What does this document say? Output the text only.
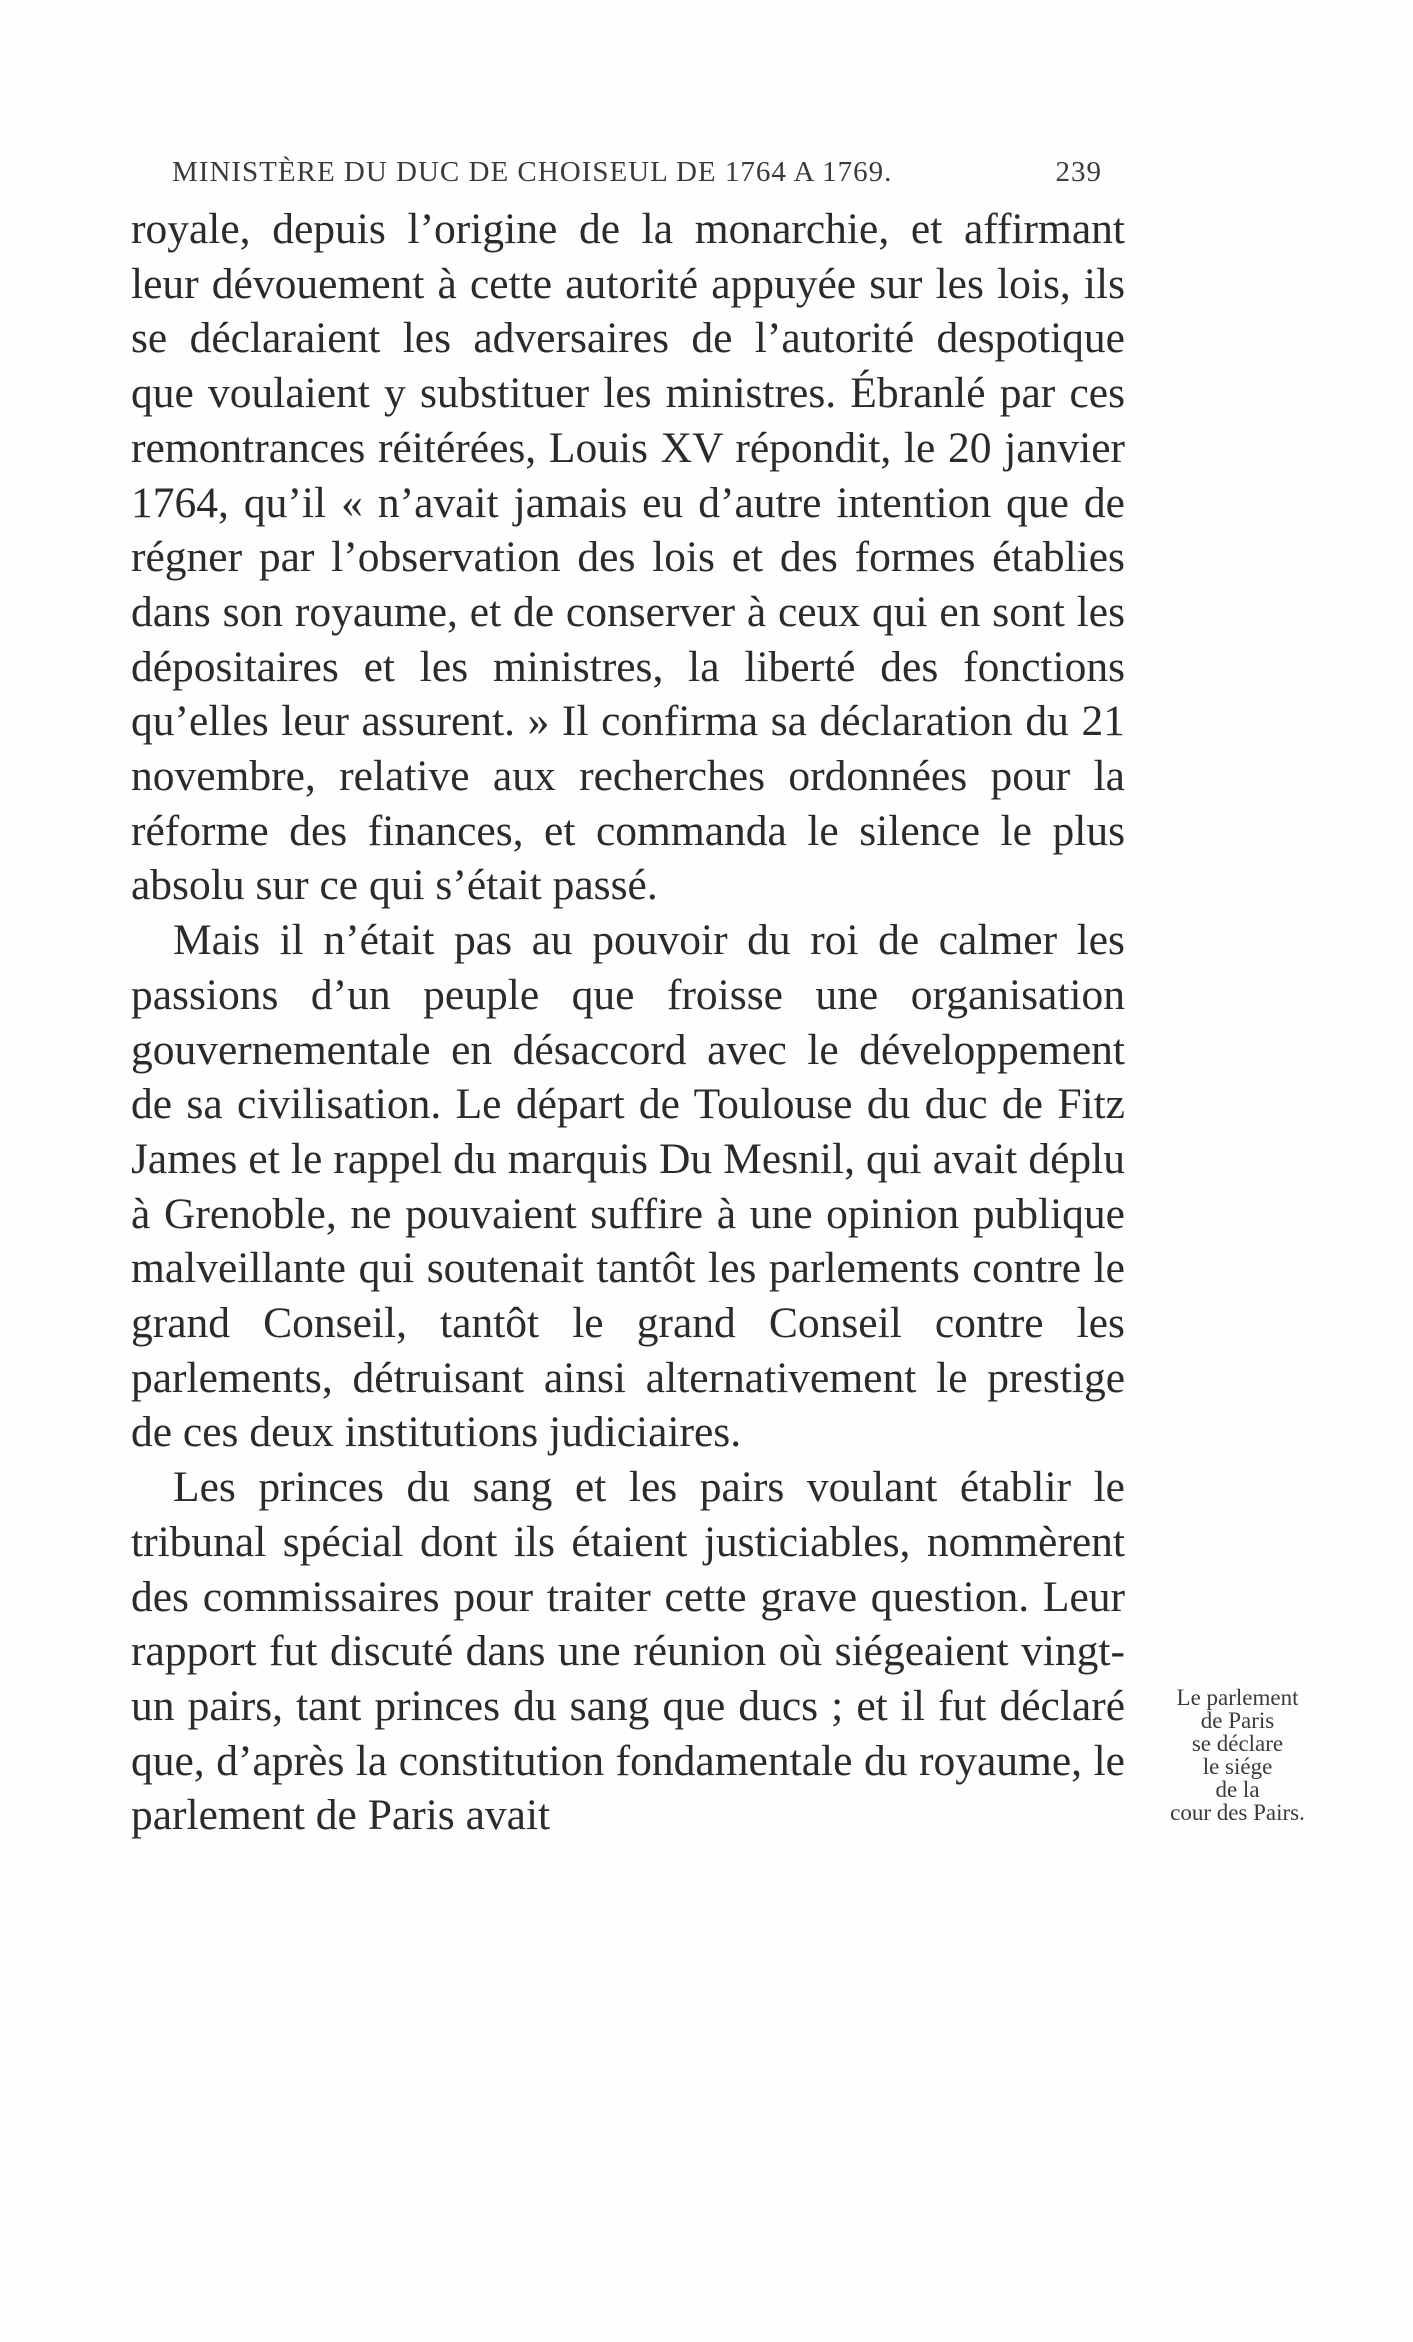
MINISTÈRE DU DUC DE CHOISEUL DE 1764 A 1769.	239

royale, depuis l’origine de la monarchie, et affirmant leur dévouement à cette autorité appuyée sur les lois, ils se déclaraient les adversaires de l’autorité despotique que voulaient y substituer les ministres. Ébranlé par ces remontrances réitérées, Louis XV répondit, le 20 janvier 1764, qu’il « n’avait jamais eu d’autre intention que de régner par l’observation des lois et des formes établies dans son royaume, et de conserver à ceux qui en sont les dépositaires et les ministres, la liberté des fonctions qu’elles leur assurent. » Il confirma sa déclaration du 21 novembre, relative aux recherches ordonnées pour la réforme des finances, et commanda le silence le plus absolu sur ce qui s’était passé.

Mais il n’était pas au pouvoir du roi de calmer les passions d’un peuple que froisse une organisation gouvernementale en désaccord avec le développement de sa civilisation. Le départ de Toulouse du duc de Fitz James et le rappel du marquis Du Mesnil, qui avait déplu à Grenoble, ne pouvaient suffire à une opinion publique malveillante qui soutenait tantôt les parlements contre le grand Conseil, tantôt le grand Conseil contre les parlements, détruisant ainsi alternativement le prestige de ces deux institutions judiciaires.

Les princes du sang et les pairs voulant établir le tribunal spécial dont ils étaient justiciables, nommèrent des commissaires pour traiter cette grave question. Leur rapport fut discuté dans une réunion où siégeaient vingt-un pairs, tant princes du sang que ducs ; et il fut déclaré que, d’après la constitution fondamentale du royaume, le parlement de Paris avait

Le parlement
de Paris
se déclare
le siége
de la
cour des Pairs.
